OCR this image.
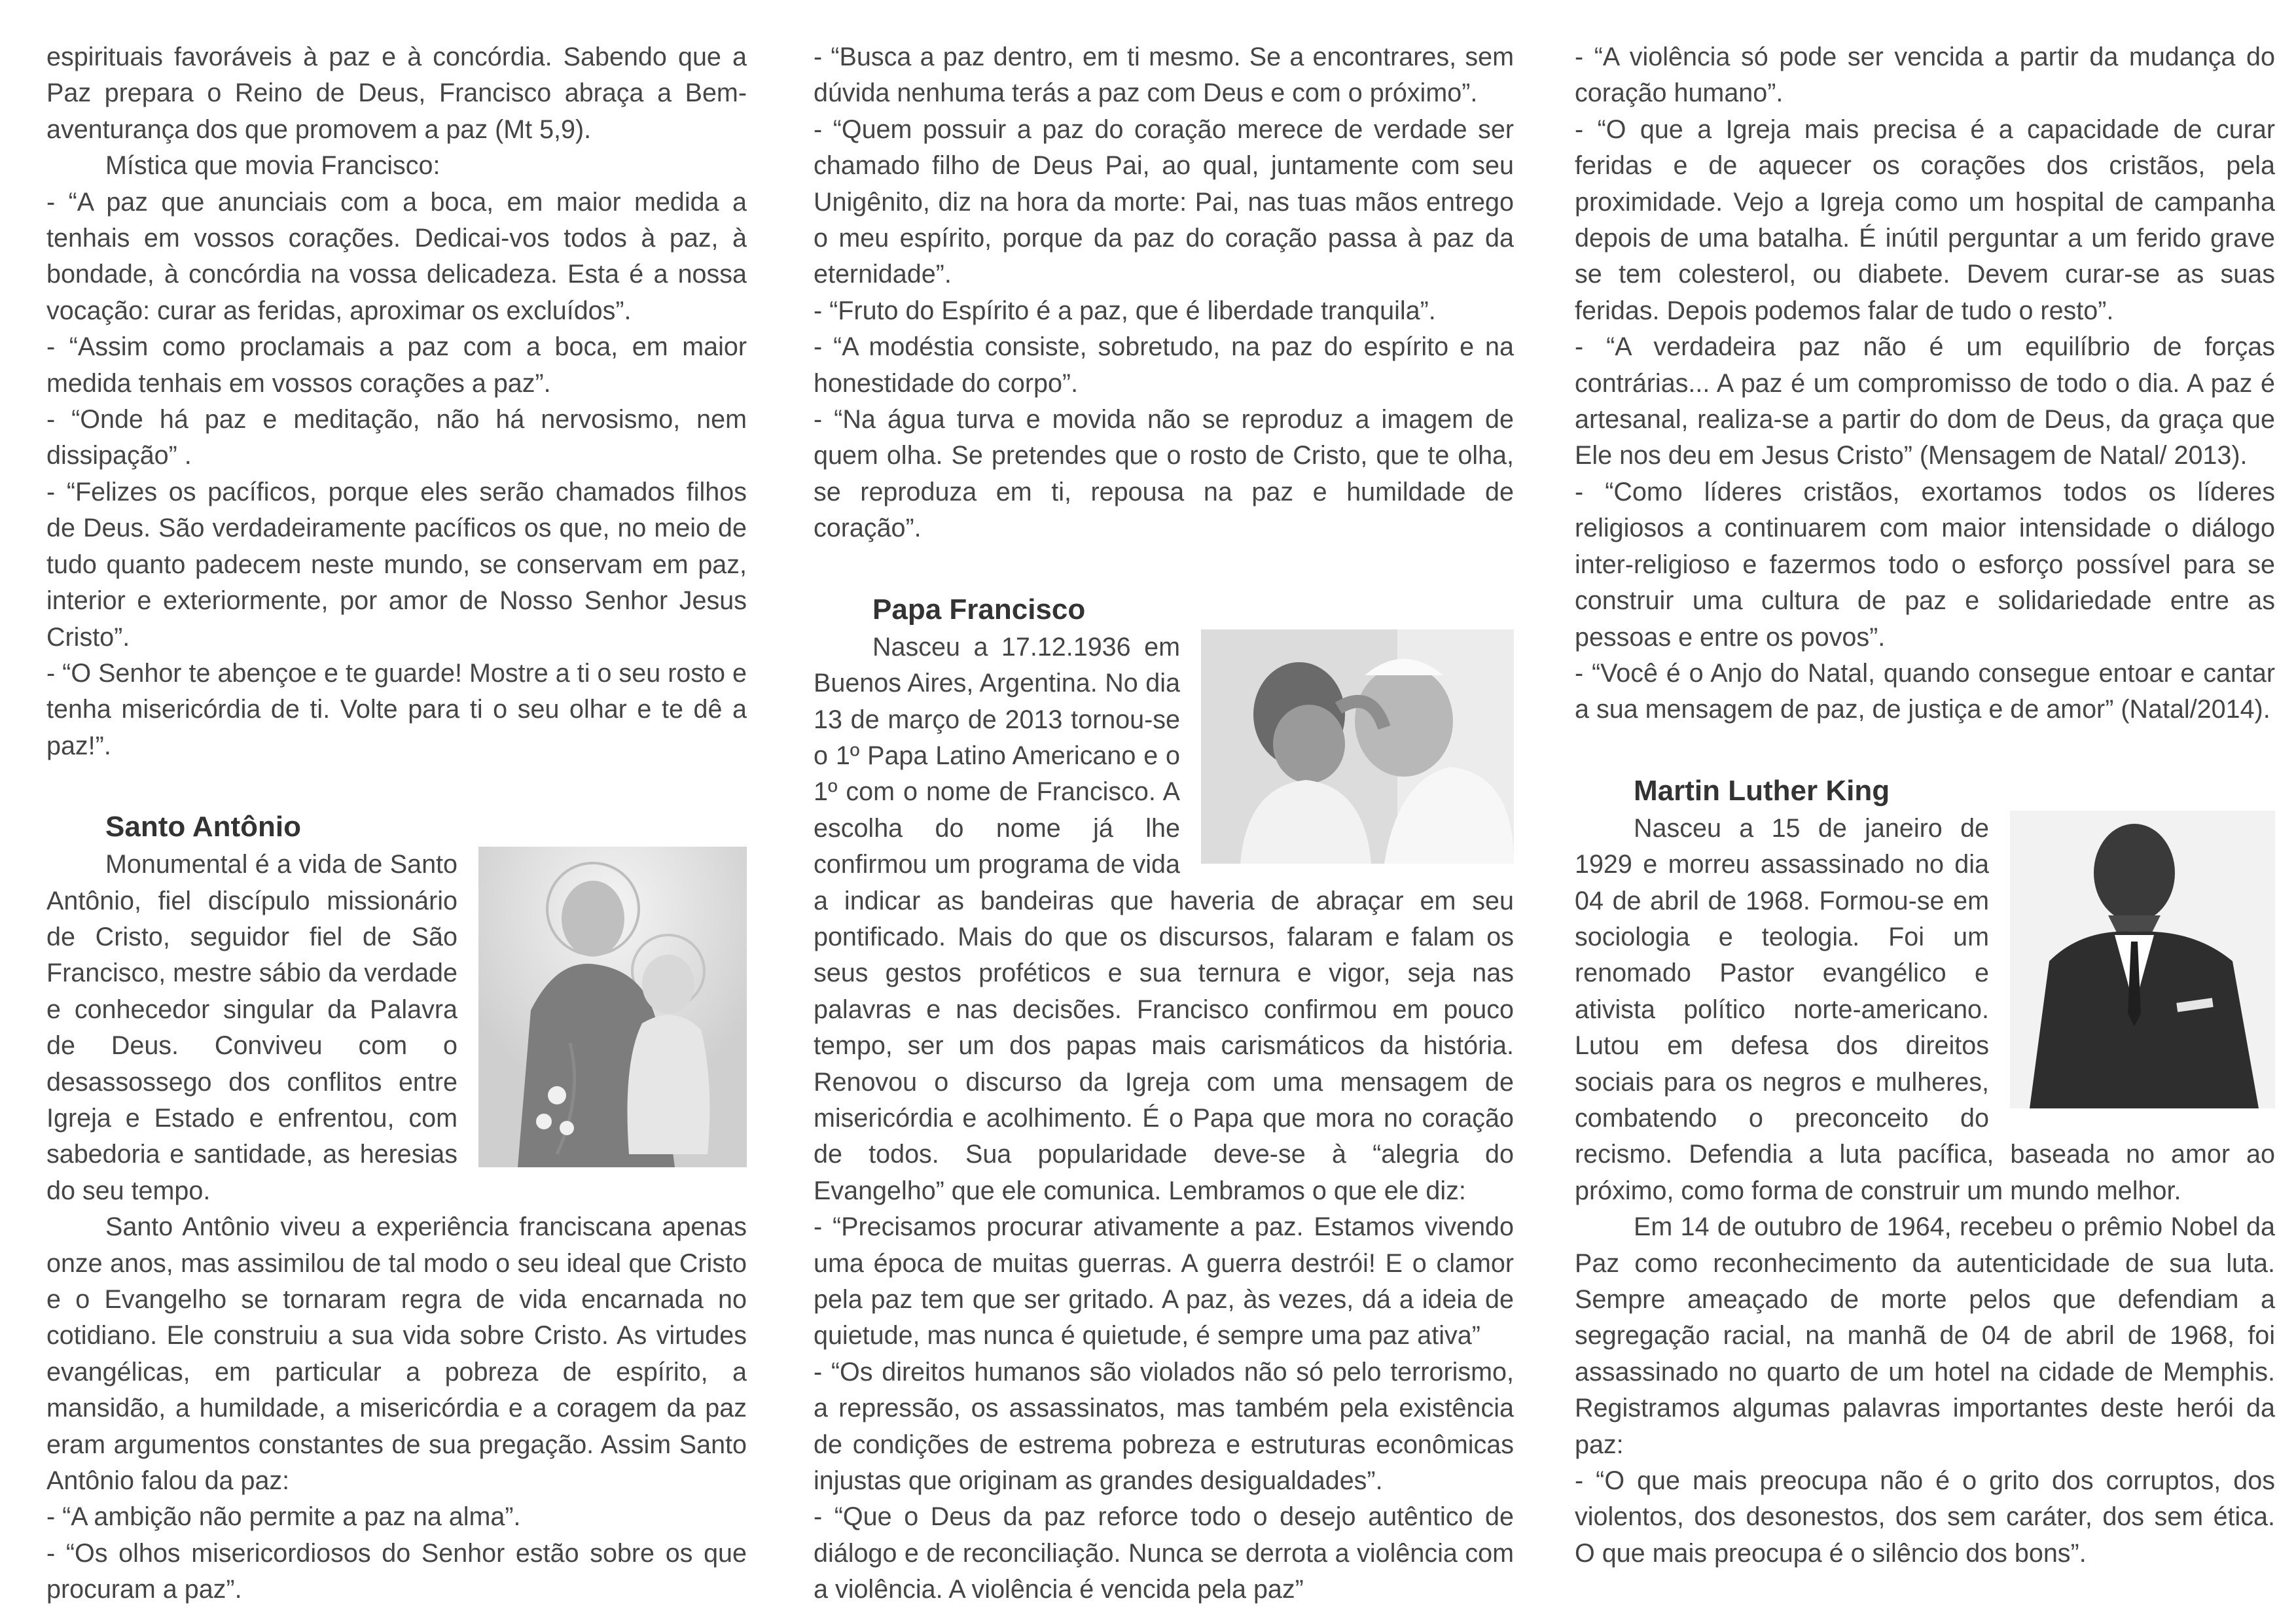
espirituais favoráveis à paz e à concórdia. Sabendo que a Paz prepara o Reino de Deus, Francisco abraça a Bem-aventurança dos que promovem a paz (Mt 5,9).

Mística que movia Francisco:

- “A paz que anunciais com a boca, em maior medida a tenhais em vossos corações. Dedicai-vos todos à paz, à bondade, à concórdia na vossa delicadeza. Esta é a nossa vocação: curar as feridas, aproximar os excluídos”.

- “Assim como proclamais a paz com a boca, em maior medida tenhais em vossos corações a paz”.

- “Onde há paz e meditação, não há nervosismo, nem dissipação” .

- “Felizes os pacíficos, porque eles serão chamados filhos de Deus. São verdadeiramente pacíficos os que, no meio de tudo quanto padecem neste mundo, se conservam em paz, interior e exteriormente, por amor de Nosso Senhor Jesus Cristo”.

- “O Senhor te abençoe e te guarde! Mostre a ti o seu rosto e tenha misericórdia de ti. Volte para ti o seu olhar e te dê a paz!”.

Santo Antônio

Monumental é a vida de Santo Antônio, fiel discípulo missionário de Cristo, seguidor fiel de São Francisco, mestre sábio da verdade e conhecedor singular da Palavra de Deus. Conviveu com o desassossego dos conflitos entre Igreja e Estado e enfrentou, com sabedoria e santidade, as heresias do seu tempo.

Santo Antônio viveu a experiência franciscana apenas onze anos, mas assimilou de tal modo o seu ideal que Cristo e o Evangelho se tornaram regra de vida encarnada no cotidiano. Ele construiu a sua vida sobre Cristo. As virtudes evangélicas, em particular a pobreza de espírito, a mansidão, a humildade, a misericórdia e a coragem da paz eram argumentos constantes de sua pregação. Assim Santo Antônio falou da paz:

- “A ambição não permite a paz na alma”.

- “Os olhos misericordiosos do Senhor estão sobre os que procuram a paz”.

- “Busca a paz dentro, em ti mesmo. Se a encontrares, sem dúvida nenhuma terás a paz com Deus e com o próximo”.

- “Quem possuir a paz do coração merece de verdade ser chamado filho de Deus Pai, ao qual, juntamente com seu Unigênito, diz na hora da morte: Pai, nas tuas mãos entrego o meu espírito, porque da paz do coração passa à paz da eternidade”.

- “Fruto do Espírito é a paz, que é liberdade tranquila”.

- “A modéstia consiste, sobretudo, na paz do espírito e na honestidade do corpo”.

- “Na água turva e movida não se reproduz a imagem de quem olha. Se pretendes que o rosto de Cristo, que te olha, se reproduza em ti, repousa na paz e humildade de coração”.

Papa Francisco

Nasceu a 17.12.1936 em Buenos Aires, Argentina. No dia 13 de março de 2013 tornou-se o 1º Papa Latino Americano e o 1º com o nome de Francisco. A escolha do nome já lhe confirmou um programa de vida a indicar as bandeiras que haveria de abraçar em seu pontificado. Mais do que os discursos, falaram e falam os seus gestos proféticos e sua ternura e vigor, seja nas palavras e nas decisões. Francisco confirmou em pouco tempo, ser um dos papas mais carismáticos da história. Renovou o discurso da Igreja com uma mensagem de misericórdia e acolhimento. É o Papa que mora no coração de todos. Sua popularidade deve-se à “alegria do Evangelho” que ele comunica. Lembramos o que ele diz:

- “Precisamos procurar ativamente a paz. Estamos vivendo uma época de muitas guerras. A guerra destrói! E o clamor pela paz tem que ser gritado. A paz, às vezes, dá a ideia de quietude, mas nunca é quietude, é sempre uma paz ativa”

- “Os direitos humanos são violados não só pelo terrorismo, a repressão, os assassinatos, mas também pela existência de condições de estrema pobreza e estruturas econômicas injustas que originam as grandes desigualdades”.

- “Que o Deus da paz reforce todo o desejo autêntico de diálogo e de reconciliação. Nunca se derrota a violência com a violência. A violência é vencida pela paz”

- “A violência só pode ser vencida a partir da mudança do coração humano”.

- “O que a Igreja mais precisa é a capacidade de curar feridas e de aquecer os corações dos cristãos, pela proximidade. Vejo a Igreja como um hospital de campanha depois de uma batalha. É inútil perguntar a um ferido grave se tem colesterol, ou diabete. Devem curar-se as suas feridas. Depois podemos falar de tudo o resto”.

- “A verdadeira paz não é um equilíbrio de forças contrárias... A paz é um compromisso de todo o dia. A paz é artesanal, realiza-se a partir do dom de Deus, da graça que Ele nos deu em Jesus Cristo” (Mensagem de Natal/ 2013).

- “Como líderes cristãos, exortamos todos os líderes religiosos a continuarem com maior intensidade o diálogo inter-religioso e fazermos todo o esforço possível para se construir uma cultura de paz e solidariedade entre as pessoas e entre os povos”.

- “Você é o Anjo do Natal, quando consegue entoar e cantar a sua mensagem de paz, de justiça e de amor” (Natal/2014).

Martin Luther King

Nasceu a 15 de janeiro de 1929 e morreu assassinado no dia 04 de abril de 1968. Formou-se em sociologia e teologia. Foi um renomado Pastor evangélico e ativista político norte-americano. Lutou em defesa dos direitos sociais para os negros e mulheres, combatendo o preconceito do recismo. Defendia a luta pacífica, baseada no amor ao próximo, como forma de construir um mundo melhor.

Em 14 de outubro de 1964, recebeu o prêmio Nobel da Paz como reconhecimento da autenticidade de sua luta. Sempre ameaçado de morte pelos que defendiam a segregação racial, na manhã de 04 de abril de 1968, foi assassinado no quarto de um hotel na cidade de Memphis. Registramos algumas palavras importantes deste herói da paz:

- “O que mais preocupa não é o grito dos corruptos, dos violentos, dos desonestos, dos sem caráter, dos sem ética. O que mais preocupa é o silêncio dos bons”.
